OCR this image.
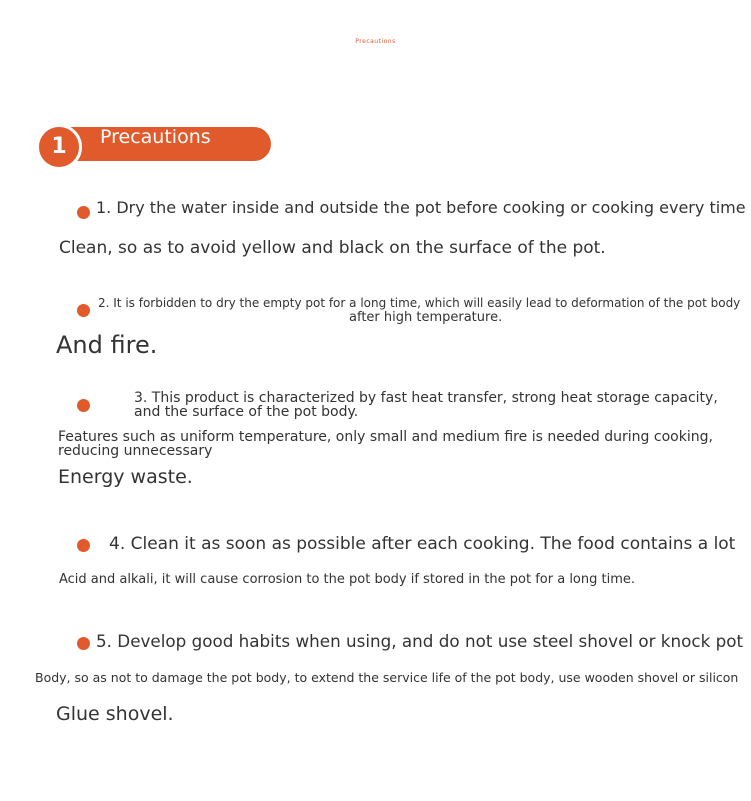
Precautions
1	Precautions
1. Dry the water inside and outside the pot before cooking or cooking every time
Clean, so as to avoid yellow and black on the surface of the pot.
2. It is forbidden to dry the empty pot for a long time, which will easily lead to deformation of the pot body
after high temperature.
And fire.
3. This product is characterized by fast heat transfer, strong heat storage capacity,
and the surface of the pot body.
Features such as uniform temperature, only small and medium fire is needed during cooking,
reducing unnecessary
Energy waste.
4. Clean it as soon as possible after each cooking. The food contains a lot
Acid and alkali, it will cause corrosion to the pot body if stored in the pot for a long time.
5. Develop good habits when using, and do not use steel shovel or knock pot
Body, so as not to damage the pot body, to extend the service life of the pot body, use wooden shovel or silicon
Glue shovel.
